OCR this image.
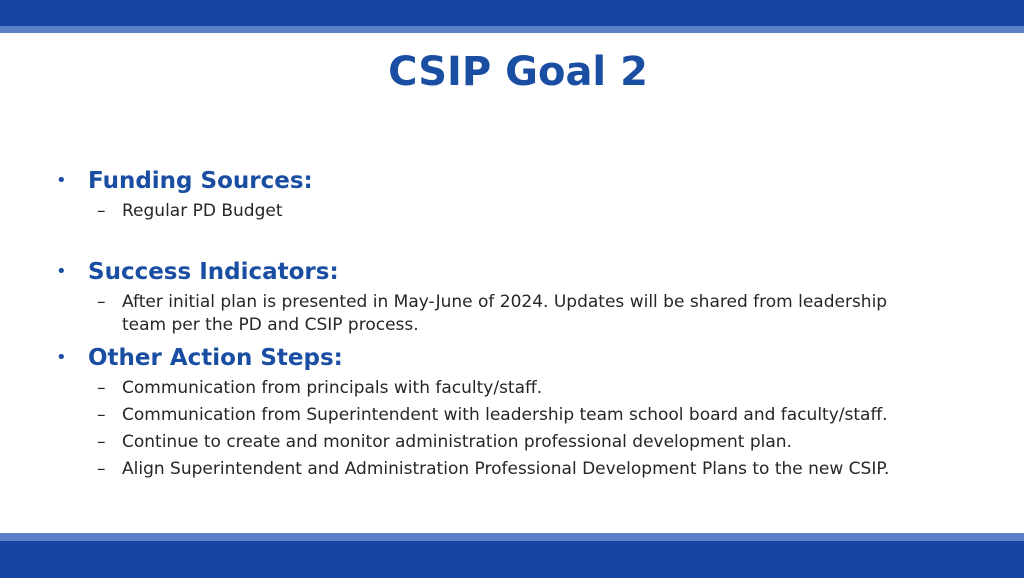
CSIP Goal 2
• Funding Sources:
– Regular PD Budget
• Success Indicators:
– After initial plan is presented in May-June of 2024. Updates will be shared from leadership team per the PD and CSIP process.
• Other Action Steps:
– Communication from principals with faculty/staff.
– Communication from Superintendent with leadership team school board and faculty/staff.
– Continue to create and monitor administration professional development plan.
– Align Superintendent and Administration Professional Development Plans to the new CSIP.
